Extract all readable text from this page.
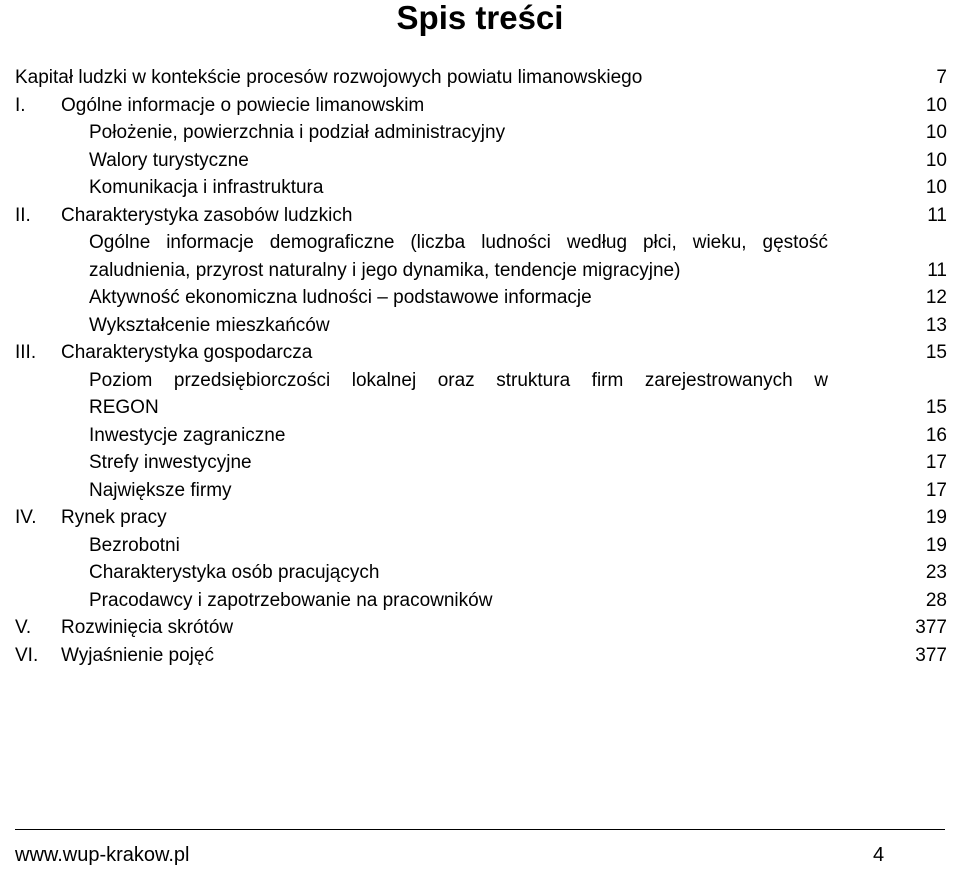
Spis treści
Kapitał ludzki w kontekście procesów rozwojowych powiatu limanowskiego	7
I. Ogólne informacje o powiecie limanowskim	10
Położenie, powierzchnia i podział administracyjny	10
Walory turystyczne	10
Komunikacja i infrastruktura	10
II. Charakterystyka zasobów ludzkich	11
Ogólne informacje demograficzne (liczba ludności według płci, wieku, gęstość
zaludnienia, przyrost naturalny i jego dynamika, tendencje migracyjne)	11
Aktywność ekonomiczna ludności – podstawowe informacje	12
Wykształcenie mieszkańców	13
III. Charakterystyka gospodarcza	15
Poziom przedsiębiorczości lokalnej oraz struktura firm zarejestrowanych w
REGON	15
Inwestycje zagraniczne	16
Strefy inwestycyjne	17
Największe firmy	17
IV. Rynek pracy	19
Bezrobotni	19
Charakterystyka osób pracujących	23
Pracodawcy i zapotrzebowanie na pracowników	28
V. Rozwinięcia skrótów	377
VI. Wyjaśnienie pojęć	377
www.wup-krakow.pl	4
